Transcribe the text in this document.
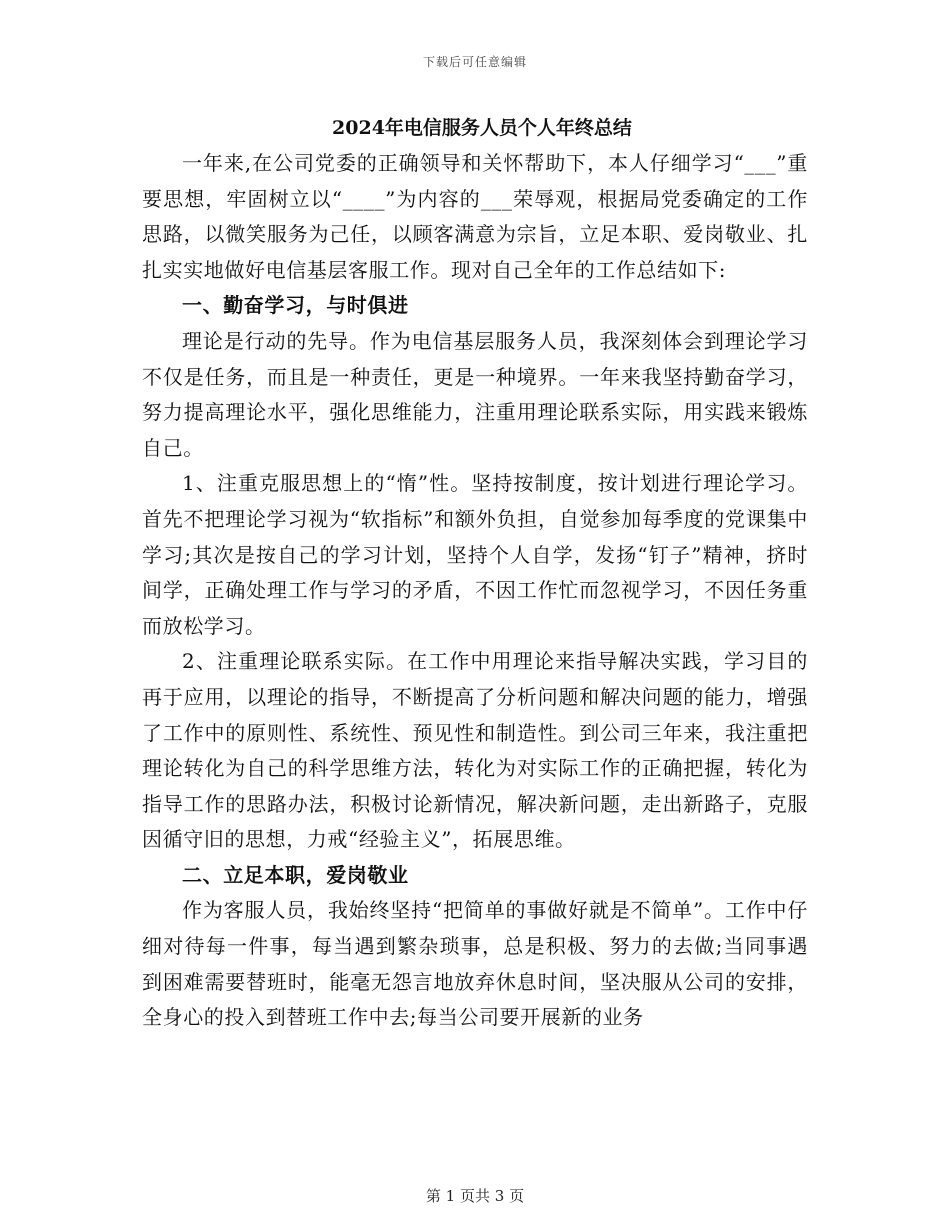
下载后可任意编辑
2024年电信服务人员个人年终总结

一年来,在公司党委的正确领导和关怀帮助下，本人仔细学习“___”重要思想，牢固树立以“____”为内容的___荣辱观，根据局党委确定的工作思路，以微笑服务为己任，以顾客满意为宗旨，立足本职、爱岗敬业、扎扎实实地做好电信基层客服工作。现对自己全年的工作总结如下:

一、勤奋学习，与时俱进

理论是行动的先导。作为电信基层服务人员，我深刻体会到理论学习不仅是任务，而且是一种责任，更是一种境界。一年来我坚持勤奋学习，努力提高理论水平，强化思维能力，注重用理论联系实际，用实践来锻炼自己。

1、注重克服思想上的“惰”性。坚持按制度，按计划进行理论学习。首先不把理论学习视为“软指标”和额外负担，自觉参加每季度的党课集中学习;其次是按自己的学习计划，坚持个人自学，发扬“钉子”精神，挤时间学，正确处理工作与学习的矛盾，不因工作忙而忽视学习，不因任务重而放松学习。

2、注重理论联系实际。在工作中用理论来指导解决实践，学习目的再于应用，以理论的指导，不断提高了分析问题和解决问题的能力，增强了工作中的原则性、系统性、预见性和制造性。到公司三年来，我注重把理论转化为自己的科学思维方法，转化为对实际工作的正确把握，转化为指导工作的思路办法，积极讨论新情况，解决新问题，走出新路子，克服因循守旧的思想，力戒“经验主义”，拓展思维。

二、立足本职，爱岗敬业

作为客服人员，我始终坚持“把简单的事做好就是不简单”。工作中仔细对待每一件事，每当遇到繁杂琐事，总是积极、努力的去做;当同事遇到困难需要替班时，能毫无怨言地放弃休息时间，坚决服从公司的安排，全身心的投入到替班工作中去;每当公司要开展新的业务

第 1 页共 3 页
